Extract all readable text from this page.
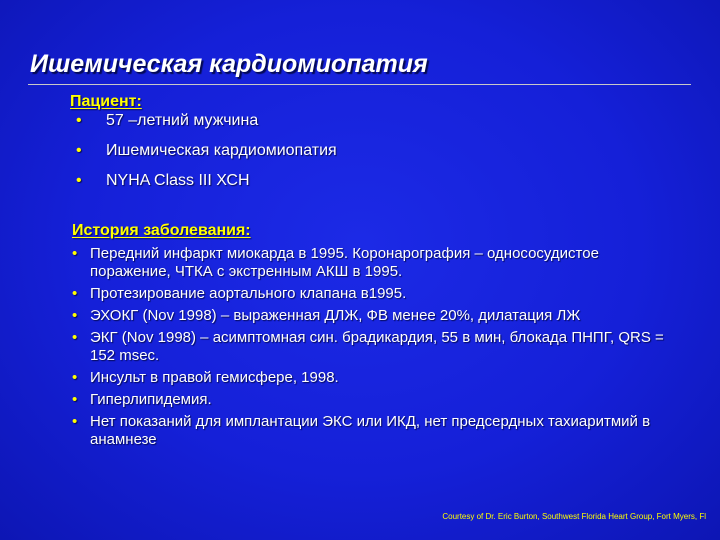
Ишемическая кардиомиопатия
Пациент:
• 57 –летний мужчина
• Ишемическая кардиомиопатия
• NYHA Class III ХСН
История заболевания:
• Передний инфаркт миокарда в 1995. Коронарография – однососудистое поражение, ЧТКА с экстренным АКШ в 1995.
• Протезирование аортального клапана в1995.
• ЭХОКГ (Nov 1998) – выраженная ДЛЖ, ФВ менее 20%, дилатация ЛЖ
• ЭКГ (Nov 1998) – асимптомная син. брадикардия, 55 в мин, блокада ПНПГ, QRS = 152 msec.
• Инсульт в правой гемисфере, 1998.
• Гиперлипидемия.
• Нет показаний для имплантации ЭКС или ИКД, нет предсердных тахиаритмий в анамнезе
Courtesy of Dr. Eric Burton, Southwest Florida Heart Group, Fort Myers, Fl
